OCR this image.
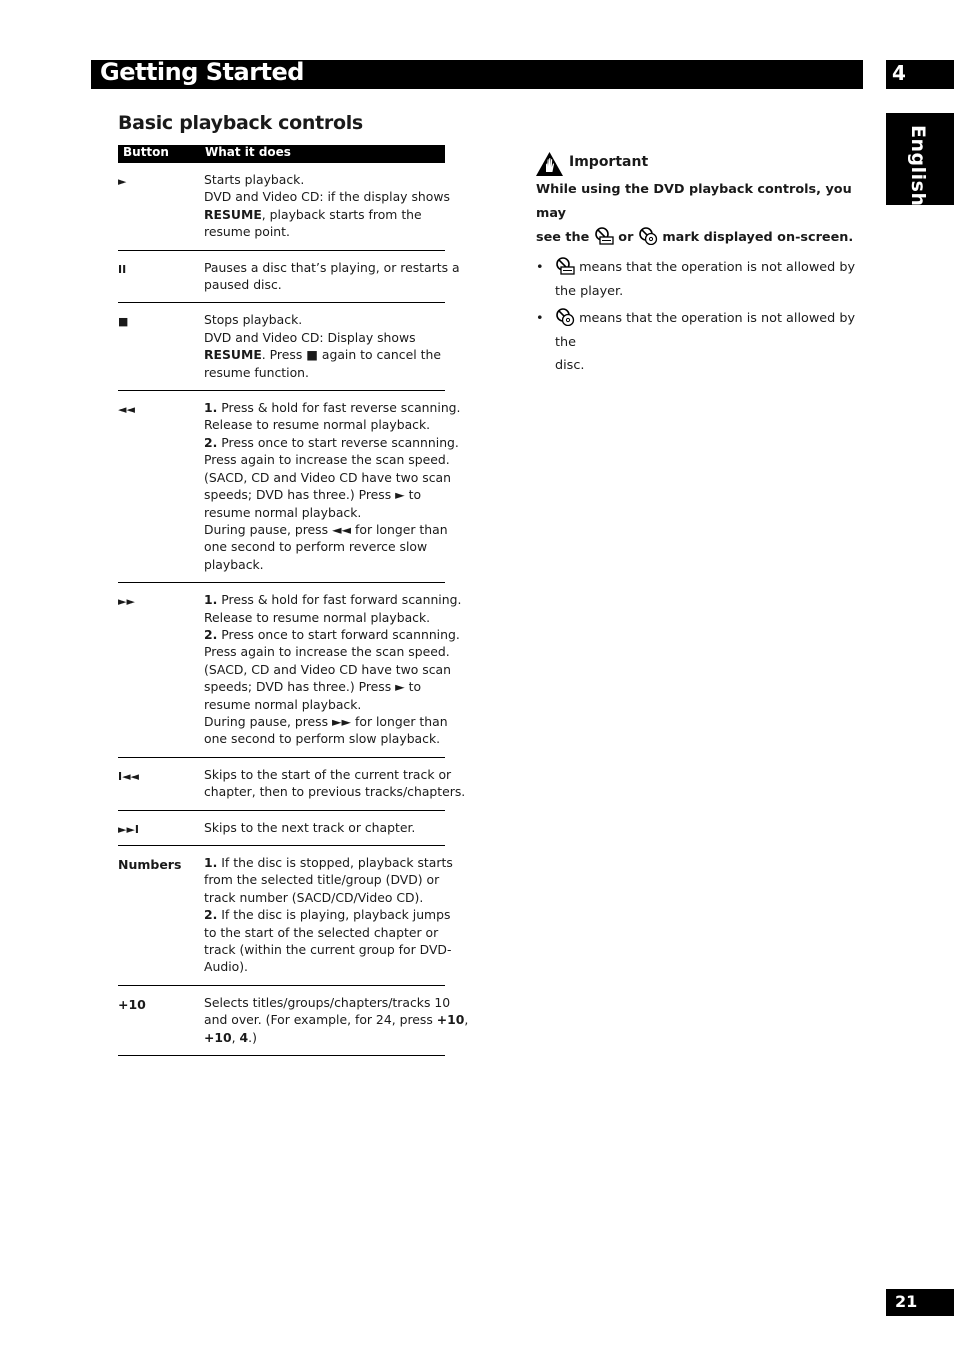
Getting Started	4
English
21
Basic playback controls
Button	What it does
►	Starts playback.
DVD and Video CD: if the display shows
RESUME, playback starts from the
resume point.
II	Pauses a disc that’s playing, or restarts a
paused disc.
■	Stops playback.
DVD and Video CD: Display shows
RESUME. Press ■ again to cancel the
resume function.
◄◄	1. Press & hold for fast reverse scanning.
Release to resume normal playback.
2. Press once to start reverse scannning.
Press again to increase the scan speed.
(SACD, CD and Video CD have two scan
speeds; DVD has three.) Press ► to
resume normal playback.
During pause, press ◄◄ for longer than
one second to perform reverce slow
playback.
►►	1. Press & hold for fast forward scanning.
Release to resume normal playback.
2. Press once to start forward scannning.
Press again to increase the scan speed.
(SACD, CD and Video CD have two scan
speeds; DVD has three.) Press ► to
resume normal playback.
During pause, press ►► for longer than
one second to perform slow playback.
I◄◄	Skips to the start of the current track or
chapter, then to previous tracks/chapters.
►►I	Skips to the next track or chapter.
Numbers	1. If the disc is stopped, playback starts
from the selected title/group (DVD) or
track number (SACD/CD/Video CD).
2. If the disc is playing, playback jumps
to the start of the selected chapter or
track (within the current group for DVD-
Audio).
+10	Selects titles/groups/chapters/tracks 10
and over. (For example, for 24, press +10,
+10, 4.)
Important
While using the DVD playback controls, you may
see the or mark displayed on-screen.
•	means that the operation is not allowed by
the player.
•	means that the operation is not allowed by the
disc.
